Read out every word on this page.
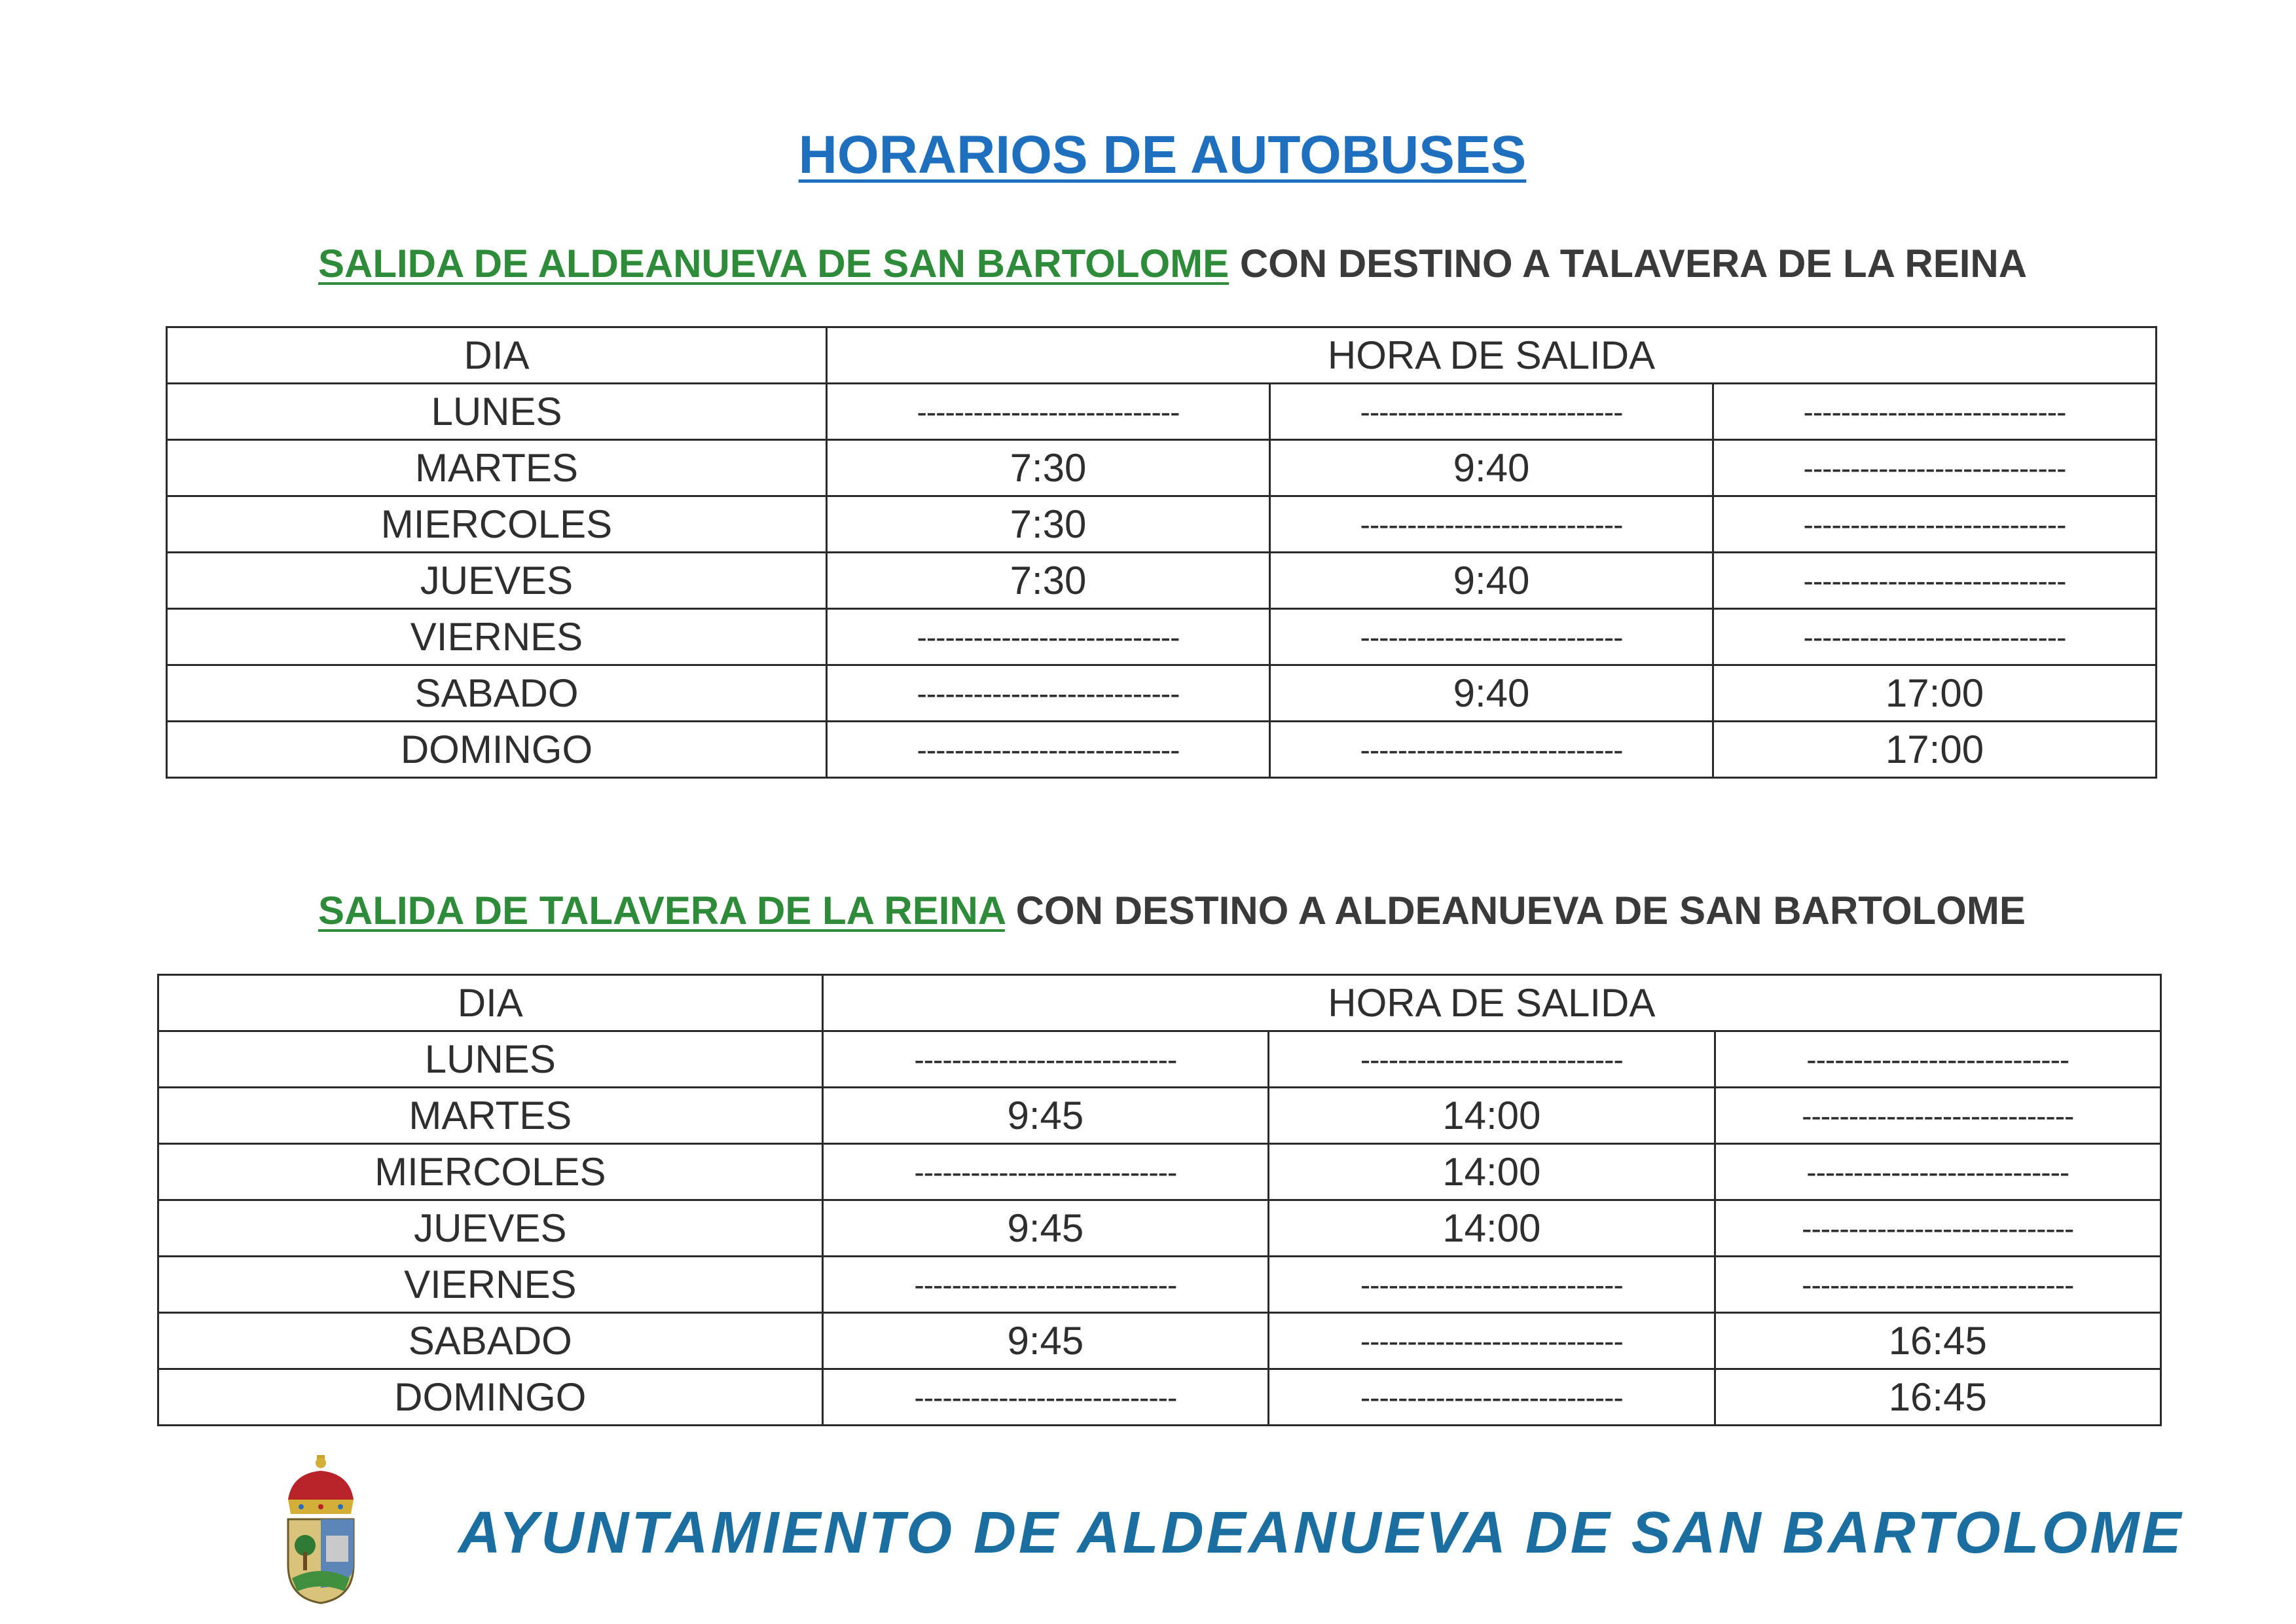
HORARIOS DE AUTOBUSES
SALIDA DE ALDEANUEVA DE SAN BARTOLOME CON DESTINO A TALAVERA DE LA REINA
DIA	HORA DE SALIDA		
LUNES	----------------------------	----------------------------	----------------------------
MARTES	7:30	9:40	----------------------------
MIERCOLES	7:30	----------------------------	----------------------------
JUEVES	7:30	9:40	----------------------------
VIERNES	----------------------------	----------------------------	----------------------------
SABADO	----------------------------	9:40	17:00
DOMINGO	----------------------------	----------------------------	17:00
SALIDA DE TALAVERA DE LA REINA CON DESTINO A ALDEANUEVA DE SAN BARTOLOME
DIA	HORA DE SALIDA		
LUNES	----------------------------	----------------------------	----------------------------
MARTES	9:45	14:00	-----------------------------
MIERCOLES	----------------------------	14:00	----------------------------
JUEVES	9:45	14:00	-----------------------------
VIERNES	----------------------------	----------------------------	-----------------------------
SABADO	9:45	----------------------------	16:45
DOMINGO	----------------------------	----------------------------	16:45
AYUNTAMIENTO DE ALDEANUEVA DE SAN BARTOLOME
